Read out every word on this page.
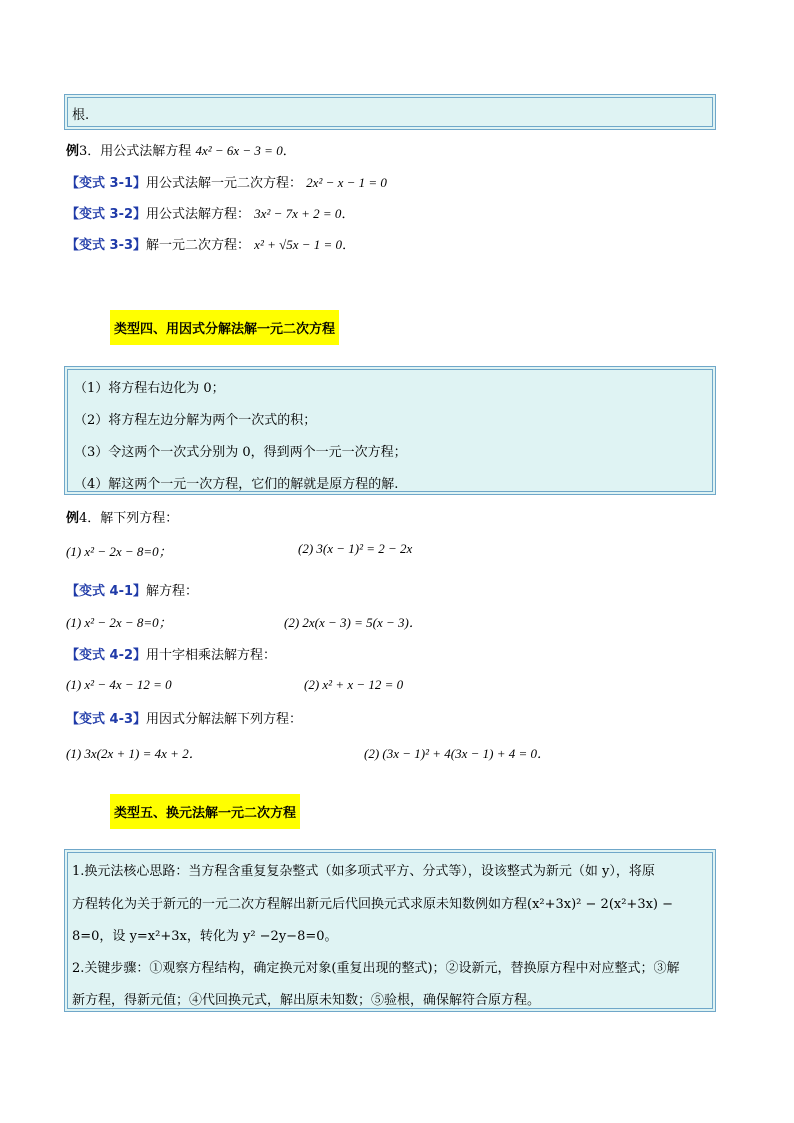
根.
例3．用公式法解方程 4x² − 6x − 3 = 0．
【变式 3-1】用公式法解一元二次方程： 2x² − x − 1 = 0
【变式 3-2】用公式法解方程： 3x² − 7x + 2 = 0．
【变式 3-3】解一元二次方程： x² + √5x − 1 = 0．
类型四、用因式分解法解一元二次方程
（1）将方程右边化为 0；
（2）将方程左边分解为两个一次式的积；
（3）令这两个一次式分别为 0，得到两个一元一次方程；
（4）解这两个一元一次方程，它们的解就是原方程的解.
例4．解下列方程：
(1) x² − 2x − 8=0；	(2) 3(x − 1)² = 2 − 2x
【变式 4-1】解方程：
(1) x² − 2x − 8=0；	(2) 2x(x − 3) = 5(x − 3)．
【变式 4-2】用十字相乘法解方程：
(1) x² − 4x − 12 = 0	(2) x² + x − 12 = 0
【变式 4-3】用因式分解法解下列方程：
(1) 3x(2x + 1) = 4x + 2．	(2) (3x − 1)² + 4(3x − 1) + 4 = 0．
类型五、换元法解一元二次方程
1.换元法核心思路：当方程含重复复杂整式（如多项式平方、分式等），设该整式为新元（如 y），将原
方程转化为关于新元的一元二次方程解出新元后代回换元式求原未知数例如方程(x²+3x)² − 2(x²+3x) −
8=0，设 y=x²+3x，转化为 y² −2y−8=0。
2.关键步骤：①观察方程结构，确定换元对象(重复出现的整式)；②设新元，替换原方程中对应整式；③解
新方程，得新元值；④代回换元式，解出原未知数；⑤验根，确保解符合原方程。
